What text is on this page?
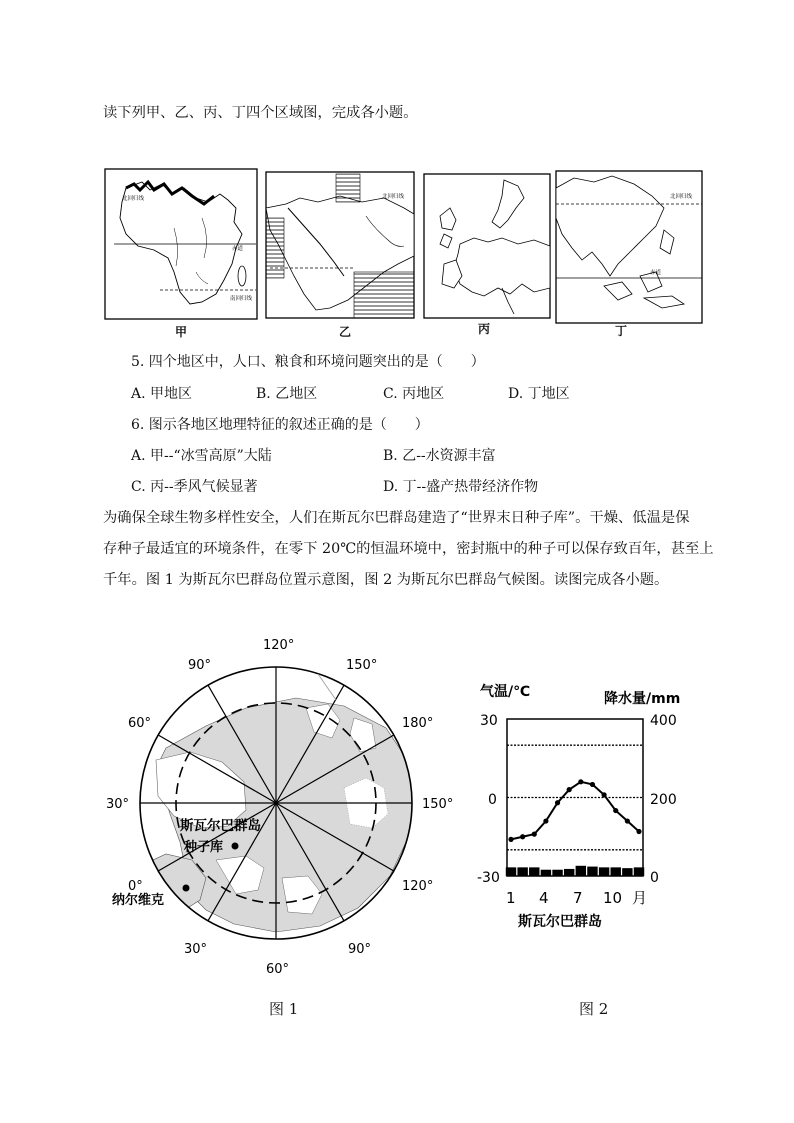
读下列甲、乙、丙、丁四个区域图，完成各小题。
北回归线
赤道
南回归线
北回归线	北回归线
赤道
甲	乙	丙	丁
5. 四个地区中，人口、粮食和环境问题突出的是（　　）
A. 甲地区	B. 乙地区	C. 丙地区	D. 丁地区
6. 图示各地区地理特征的叙述正确的是（　　）
A. 甲--“冰雪高原”大陆	B. 乙--水资源丰富
C. 丙--季风气候显著	D. 丁--盛产热带经济作物
为确保全球生物多样性安全，人们在斯瓦尔巴群岛建造了“世界末日种子库”。干燥、低温是保
存种子最适宜的环境条件，在零下 20℃的恒温环境中，密封瓶中的种子可以保存致百年，甚至上
千年。图 1 为斯瓦尔巴群岛位置示意图，图 2 为斯瓦尔巴群岛气候图。读图完成各小题。
120°
90°	150°
60°	180°
30°	150°
0°	120°
30°	90°
60°
斯瓦尔巴群岛
种子库
纳尔维克
气温/℃	降水量/mm
30
0
-30
400
200
0
1 4 7 10 月
斯瓦尔巴群岛
图 1	图 2
